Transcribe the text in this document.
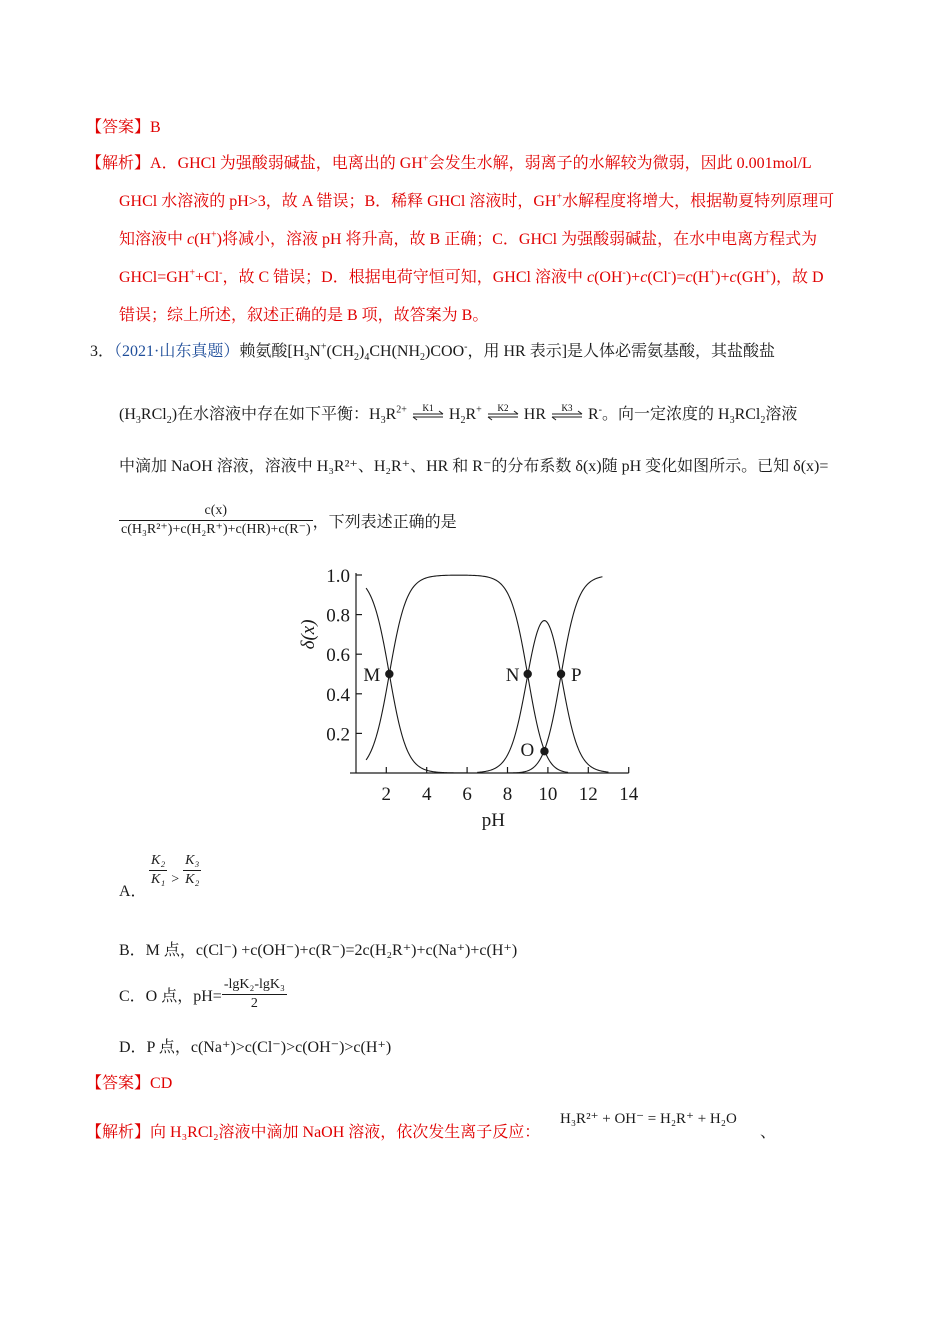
【答案】B
【解析】A．GHCl 为强酸弱碱盐，电离出的 GH+会发生水解，弱离子的水解较为微弱，因此 0.001mol/L
GHCl 水溶液的 pH>3，故 A 错误；B．稀释 GHCl 溶液时，GH+水解程度将增大，根据勒夏特列原理可
知溶液中 c(H+)将减小，溶液 pH 将升高，故 B 正确；C．GHCl 为强酸弱碱盐，在水中电离方程式为
GHCl=GH++Cl-，故 C 错误；D．根据电荷守恒可知，GHCl 溶液中 c(OH-)+c(Cl-)=c(H+)+c(GH+)，故 D
错误；综上所述，叙述正确的是 B 项，故答案为 B。
3．（2021·山东真题）赖氨酸[$H_3N^+(CH_2)_4CH(NH_2)COO^-$，用 HR 表示]是人体必需氨基酸，其盐酸盐
$(H_3RCl_2)$在水溶液中存在如下平衡：$H_3R^{2+}$ K1 $H_2R^+$ K2 HR K3 R-。向一定浓度的 $H_3RCl_2$溶液
中滴加 NaOH 溶液，溶液中 H₃R²⁺、H₂R⁺、HR 和 R⁻的分布系数 δ(x)随 pH 变化如图所示。已知 δ(x)=
$\frac{c(x)}{\text{c(H₃R²⁺)+c(H₂R⁺)+c(HR)+c(R⁻)}}$ ，下列表述正确的是
0.2
0.4
0.6
0.8
1.0
2 4 6 8 10 12 14
pH
δ(x)
M	N
O
P
A．
$\frac{\text{K₂}}{\text{K₁}} > \frac{\text{K₃}}{\text{K₂}}$
B．M 点，c(Cl⁻) +c(OH⁻)+c(R⁻)=2c(H₂R⁺)+c(Na⁺)+c(H⁺)
C．O 点，$pH= \frac{\text{-lgK₂-lgK₃}}{2}$
D．P 点，c(Na⁺)>c(Cl⁻)>c(OH⁻)>c(H⁺)
【答案】CD
【解析】向 H₃RCl₂溶液中滴加 NaOH 溶液，依次发生离子反应：
H₃R²⁺ + OH⁻ = H₂R⁺ + H₂O
、
